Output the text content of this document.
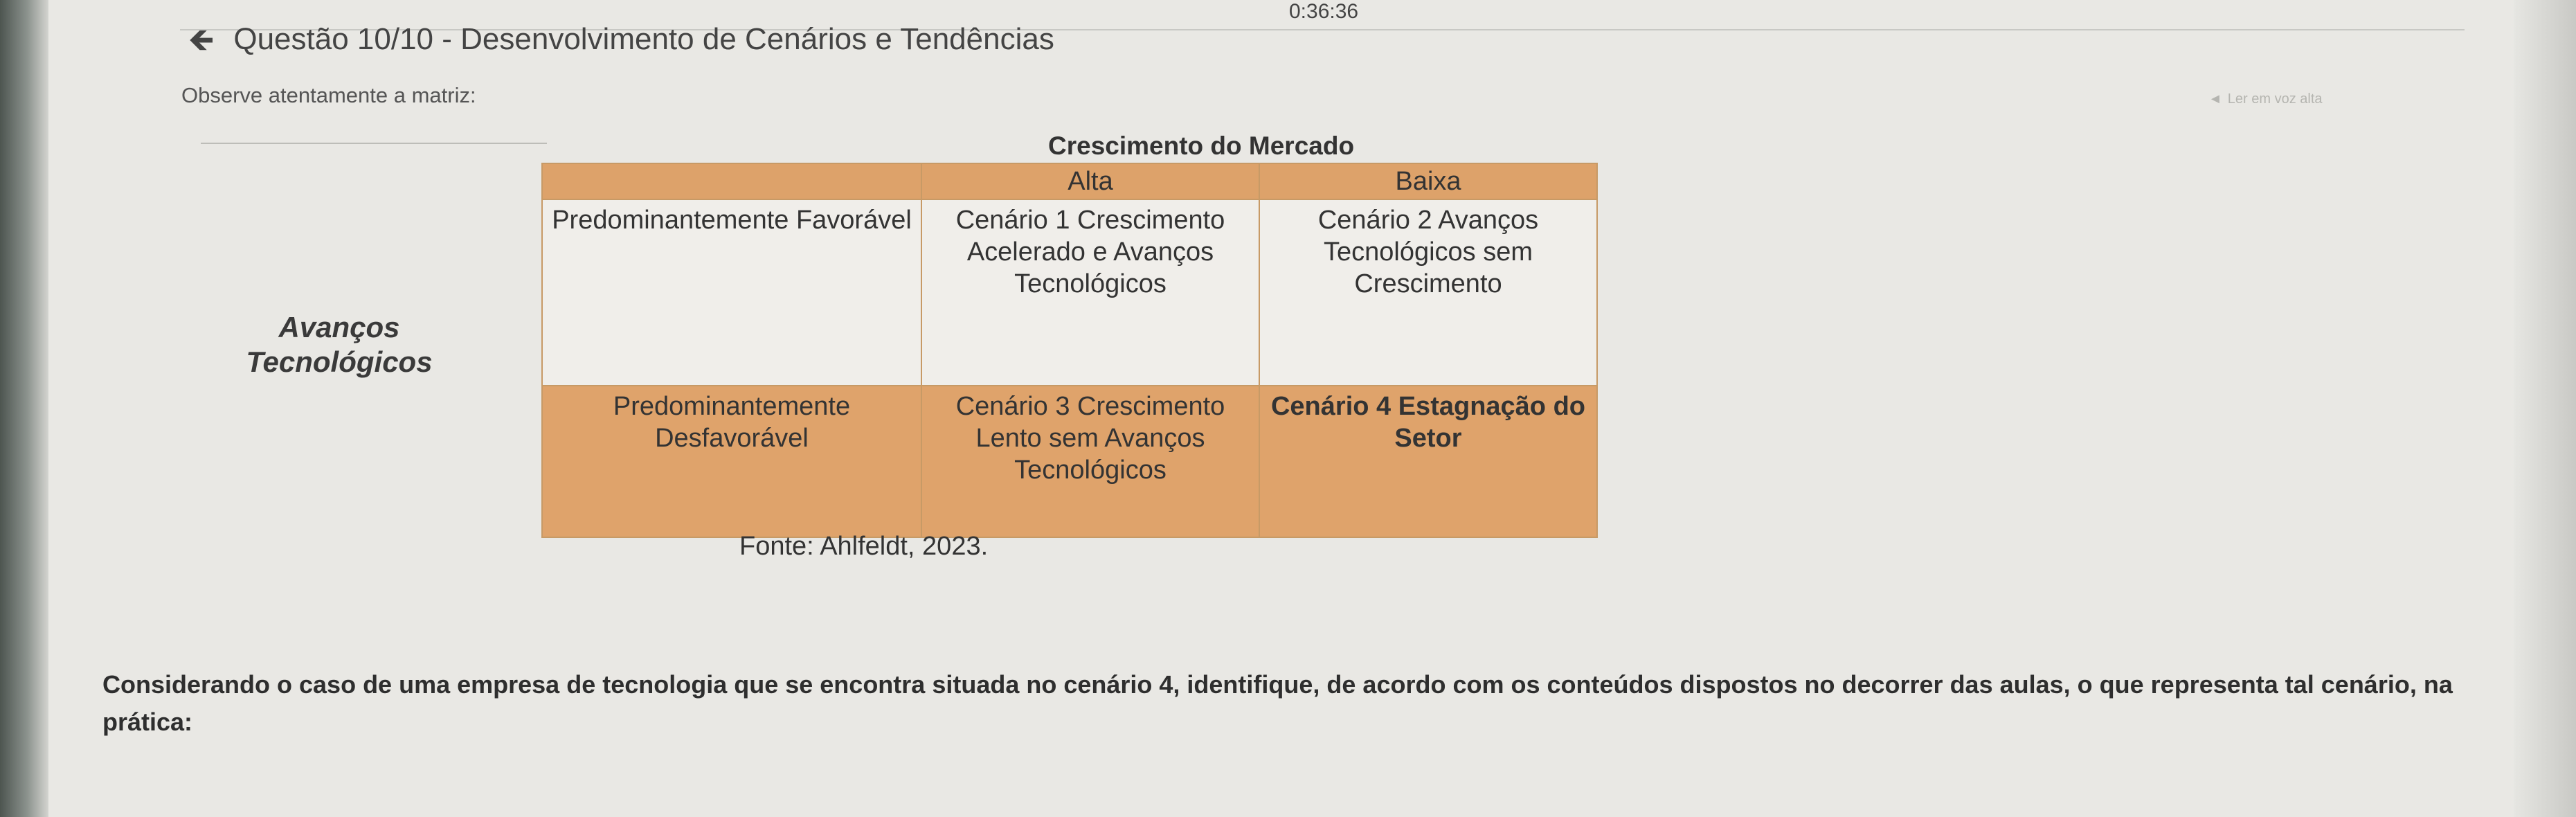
0:36:36
🡸 Questão 10/10 - Desenvolvimento de Cenários e Tendências
Observe atentamente a matriz:	◄ Ler em voz alta
Crescimento do Mercado
Avanços Tecnológicos
	Alta	Baixa
Predominantemente Favorável	Cenário 1 Crescimento Acelerado e Avanços Tecnológicos	Cenário 2 Avanços Tecnológicos sem Crescimento
Predominantemente Desfavorável	Cenário 3 Crescimento Lento sem Avanços Tecnológicos	Cenário 4 Estagnação do Setor
Fonte: Ahlfeldt, 2023.
Considerando o caso de uma empresa de tecnologia que se encontra situada no cenário 4, identifique, de acordo com os conteúdos dispostos no decorrer das aulas, o que representa tal cenário, na prática:
